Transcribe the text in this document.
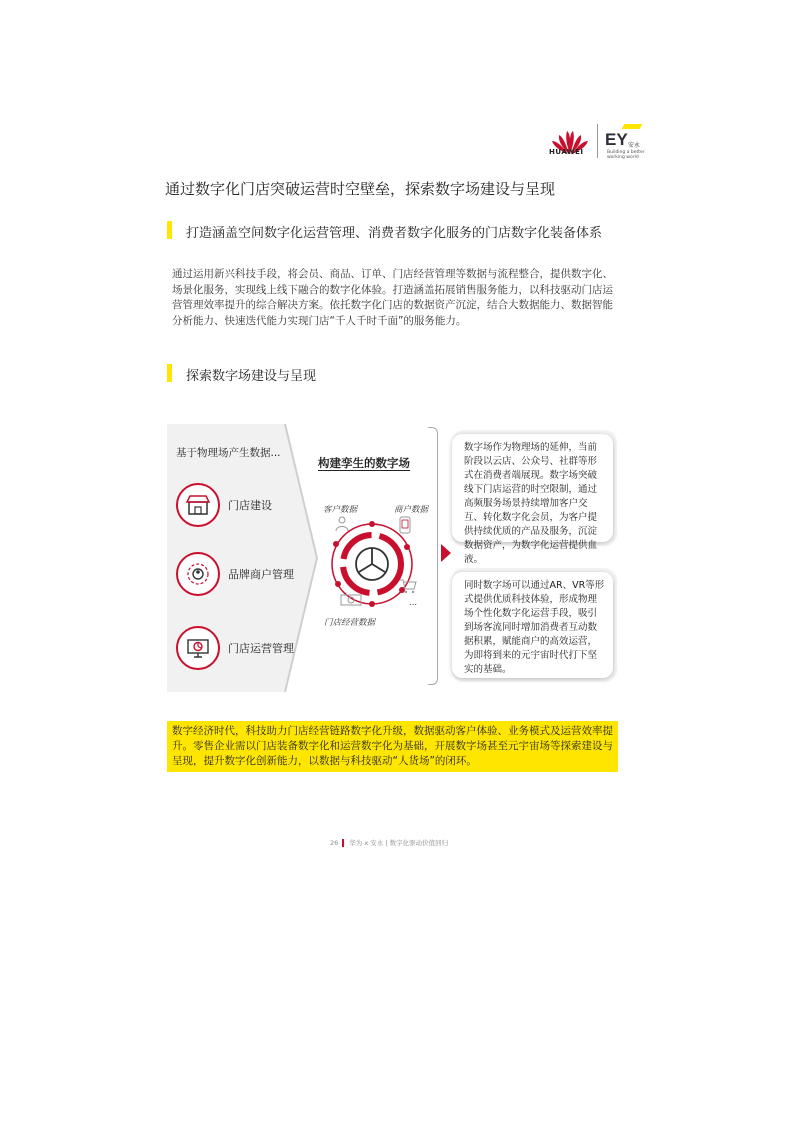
HUAWEI
EY 安永
Building a better working world
通过数字化门店突破运营时空壁垒，探索数字场建设与呈现
打造涵盖空间数字化运营管理、消费者数字化服务的门店数字化装备体系
通过运用新兴科技手段，将会员、商品、订单、门店经营管理等数据与流程整合，提供数字化、场景化服务，实现线上线下融合的数字化体验。打造涵盖拓展销售服务能力，以科技驱动门店运营管理效率提升的综合解决方案。依托数字化门店的数据资产沉淀，结合大数据能力、数据智能分析能力、快速迭代能力实现门店“千人千时千面”的服务能力。
探索数字场建设与呈现
基于物理场产生数据...
门店建设
品牌商户管理
门店运营管理
构建孪生的数字场
客户数据	商户数据
门店经营数据
...
数字场作为物理场的延伸，当前阶段以云店、公众号、社群等形式在消费者端展现。数字场突破线下门店运营的时空限制，通过高频服务场景持续增加客户交互、转化数字化会员，为客户提供持续优质的产品及服务，沉淀数据资产，为数字化运营提供血液。
同时数字场可以通过AR、VR等形式提供优质科技体验，形成物理场个性化数字化运营手段，吸引到场客流同时增加消费者互动数据积累，赋能商户的高效运营，为即将到来的元宇宙时代打下坚实的基础。
数字经济时代，科技助力门店经营链路数字化升级，数据驱动客户体验、业务模式及运营效率提升。零售企业需以门店装备数字化和运营数字化为基础，开展数字场甚至元宇宙场等探索建设与呈现，提升数字化创新能力，以数据与科技驱动“人货场”的闭环。
26 华为 x 安永 | 数字化驱动价值回归
